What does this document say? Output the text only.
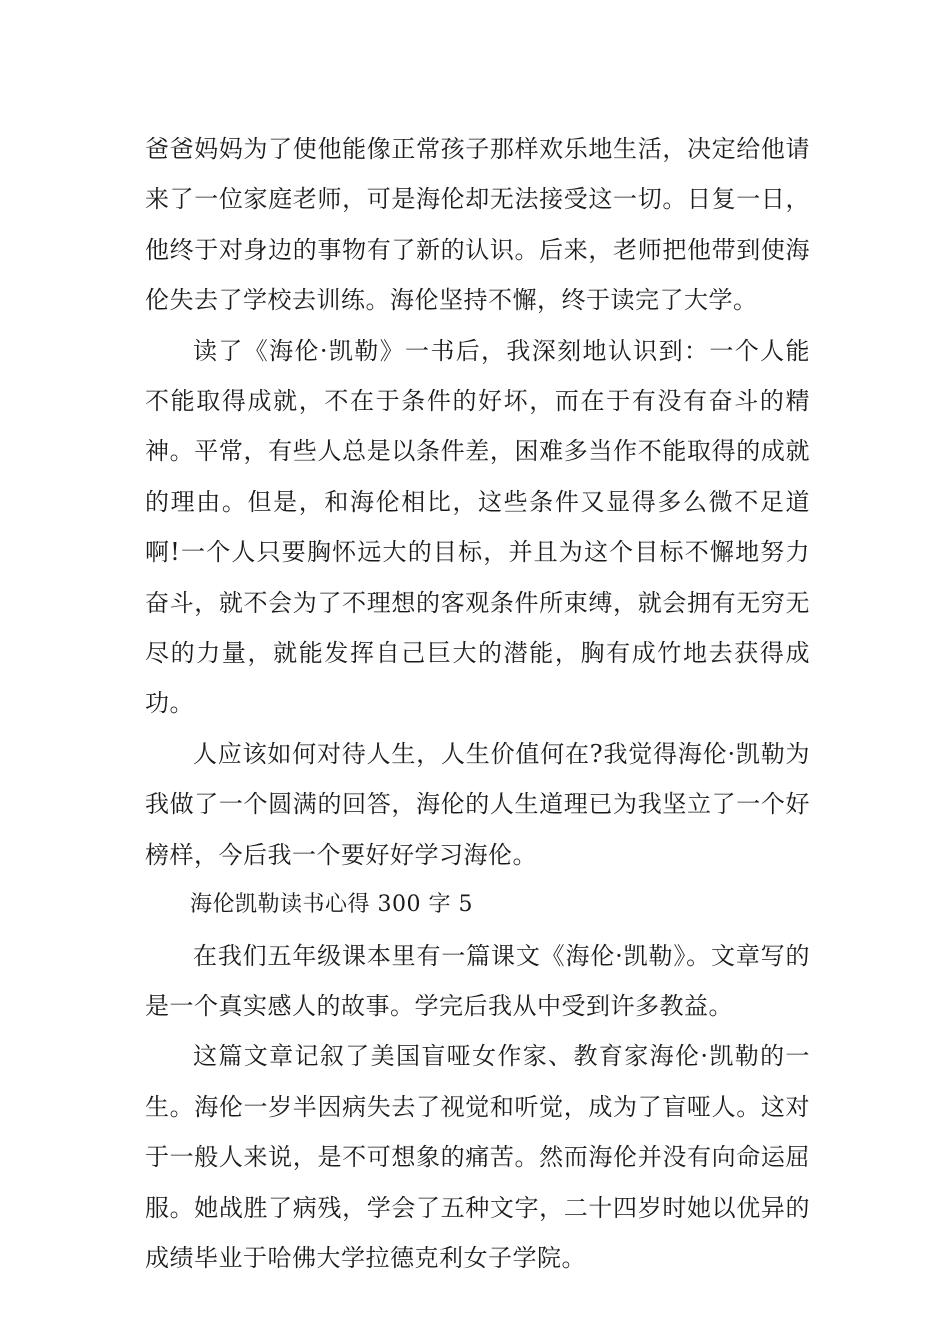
爸爸妈妈为了使他能像正常孩子那样欢乐地生活，决定给他请来了一位家庭老师，可是海伦却无法接受这一切。日复一日，他终于对身边的事物有了新的认识。后来，老师把他带到使海伦失去了学校去训练。海伦坚持不懈，终于读完了大学。

读了《海伦·凯勒》一书后，我深刻地认识到：一个人能不能取得成就，不在于条件的好坏，而在于有没有奋斗的精神。平常，有些人总是以条件差，困难多当作不能取得的成就的理由。但是，和海伦相比，这些条件又显得多么微不足道啊!一个人只要胸怀远大的目标，并且为这个目标不懈地努力奋斗，就不会为了不理想的客观条件所束缚，就会拥有无穷无尽的力量，就能发挥自己巨大的潜能，胸有成竹地去获得成功。

人应该如何对待人生，人生价值何在?我觉得海伦·凯勒为我做了一个圆满的回答，海伦的人生道理已为我坚立了一个好榜样，今后我一个要好好学习海伦。

海伦凯勒读书心得 300 字 5

在我们五年级课本里有一篇课文《海伦·凯勒》。文章写的是一个真实感人的故事。学完后我从中受到许多教益。

这篇文章记叙了美国盲哑女作家、教育家海伦·凯勒的一生。海伦一岁半因病失去了视觉和听觉，成为了盲哑人。这对于一般人来说，是不可想象的痛苦。然而海伦并没有向命运屈服。她战胜了病残，学会了五种文字，二十四岁时她以优异的成绩毕业于哈佛大学拉德克利女子学院。
